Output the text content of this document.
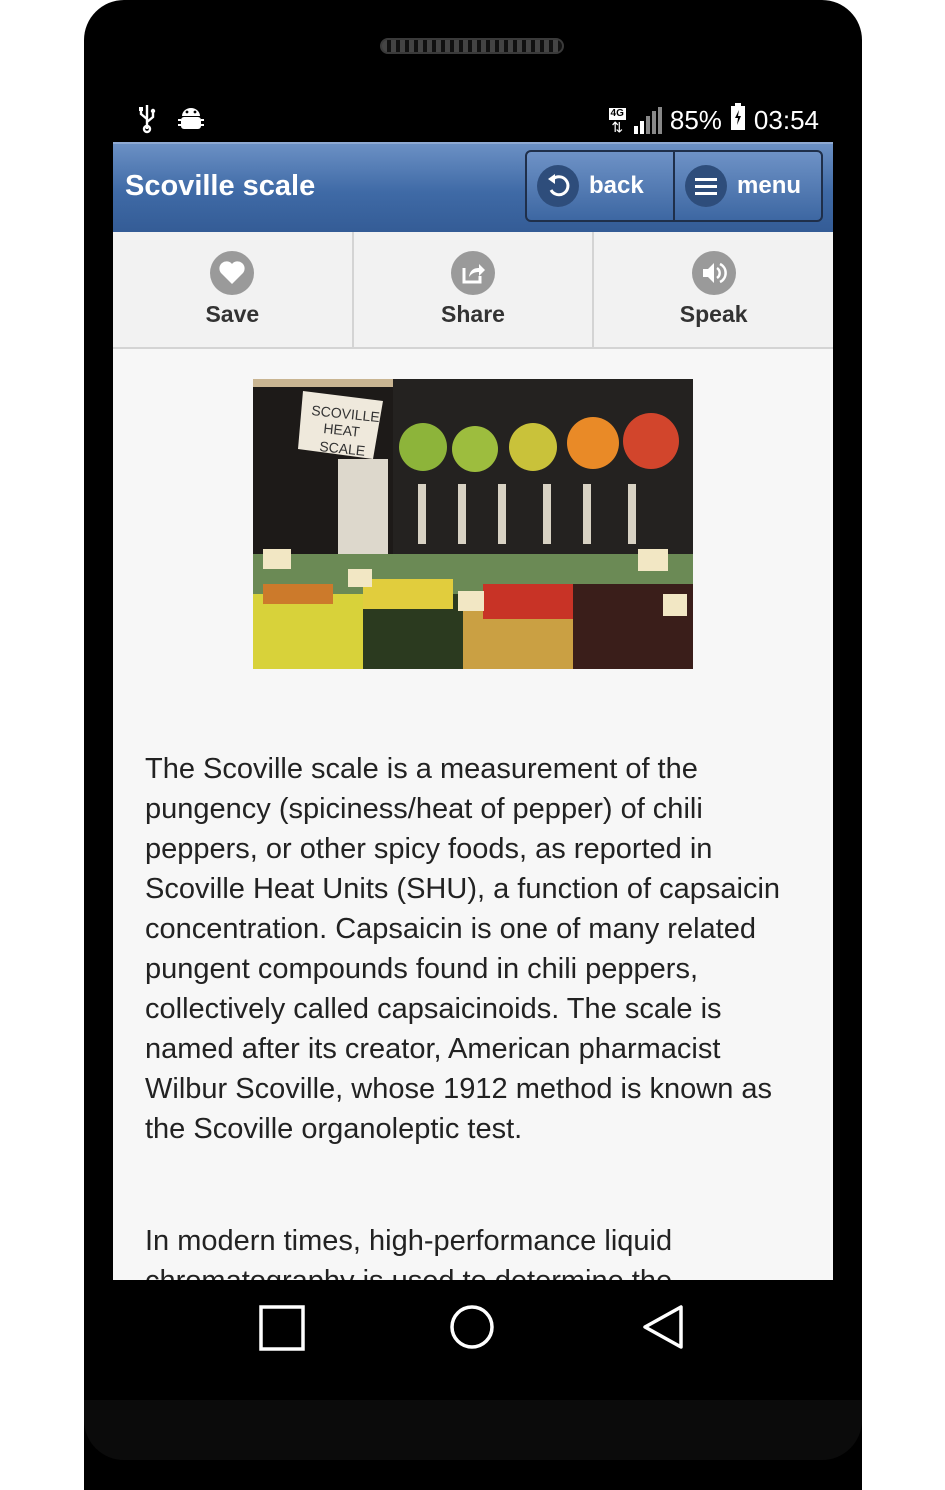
4G
⇅ 85% 03:54
Scoville scale	back	menu
Save	Share	Speak
SCOVILLE
HEAT
SCALE

The Scoville scale is a measurement of the pungency (spiciness/heat of pepper) of chili peppers, or other spicy foods, as reported in Scoville Heat Units (SHU), a function of capsaicin concentration. Capsaicin is one of many related pungent compounds found in chili peppers, collectively called capsaicinoids. The scale is named after its creator, American pharmacist Wilbur Scoville, whose 1912 method is known as the Scoville organoleptic test.

In modern times, high-performance liquid
